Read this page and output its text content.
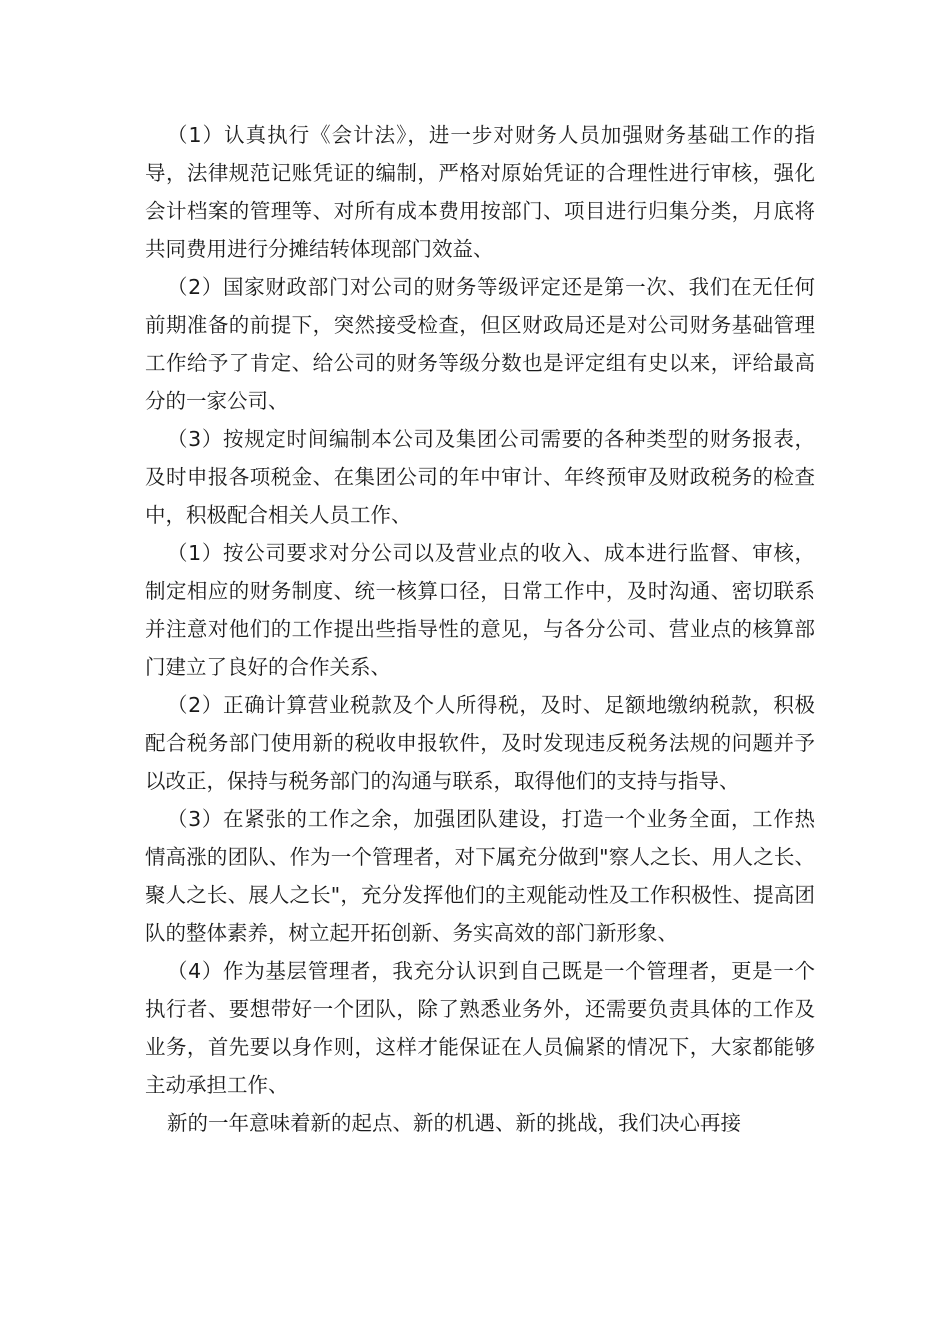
（1）认真执行《会计法》，进一步对财务人员加强财务基础工作的指导，法律规范记账凭证的编制，严格对原始凭证的合理性进行审核，强化会计档案的管理等、对所有成本费用按部门、项目进行归集分类，月底将共同费用进行分摊结转体现部门效益、

（2）国家财政部门对公司的财务等级评定还是第一次、我们在无任何前期准备的前提下，突然接受检查，但区财政局还是对公司财务基础管理工作给予了肯定、给公司的财务等级分数也是评定组有史以来，评给最高分的一家公司、

（3）按规定时间编制本公司及集团公司需要的各种类型的财务报表，及时申报各项税金、在集团公司的年中审计、年终预审及财政税务的检查中，积极配合相关人员工作、

（1）按公司要求对分公司以及营业点的收入、成本进行监督、审核，制定相应的财务制度、统一核算口径，日常工作中，及时沟通、密切联系并注意对他们的工作提出些指导性的意见，与各分公司、营业点的核算部门建立了良好的合作关系、

（2）正确计算营业税款及个人所得税，及时、足额地缴纳税款，积极配合税务部门使用新的税收申报软件，及时发现违反税务法规的问题并予以改正，保持与税务部门的沟通与联系，取得他们的支持与指导、

（3）在紧张的工作之余，加强团队建设，打造一个业务全面，工作热情高涨的团队、作为一个管理者，对下属充分做到"察人之长、用人之长、聚人之长、展人之长"，充分发挥他们的主观能动性及工作积极性、提高团队的整体素养，树立起开拓创新、务实高效的部门新形象、

（4）作为基层管理者，我充分认识到自己既是一个管理者，更是一个执行者、要想带好一个团队，除了熟悉业务外，还需要负责具体的工作及业务，首先要以身作则，这样才能保证在人员偏紧的情况下，大家都能够主动承担工作、

新的一年意味着新的起点、新的机遇、新的挑战，我们决心再接
